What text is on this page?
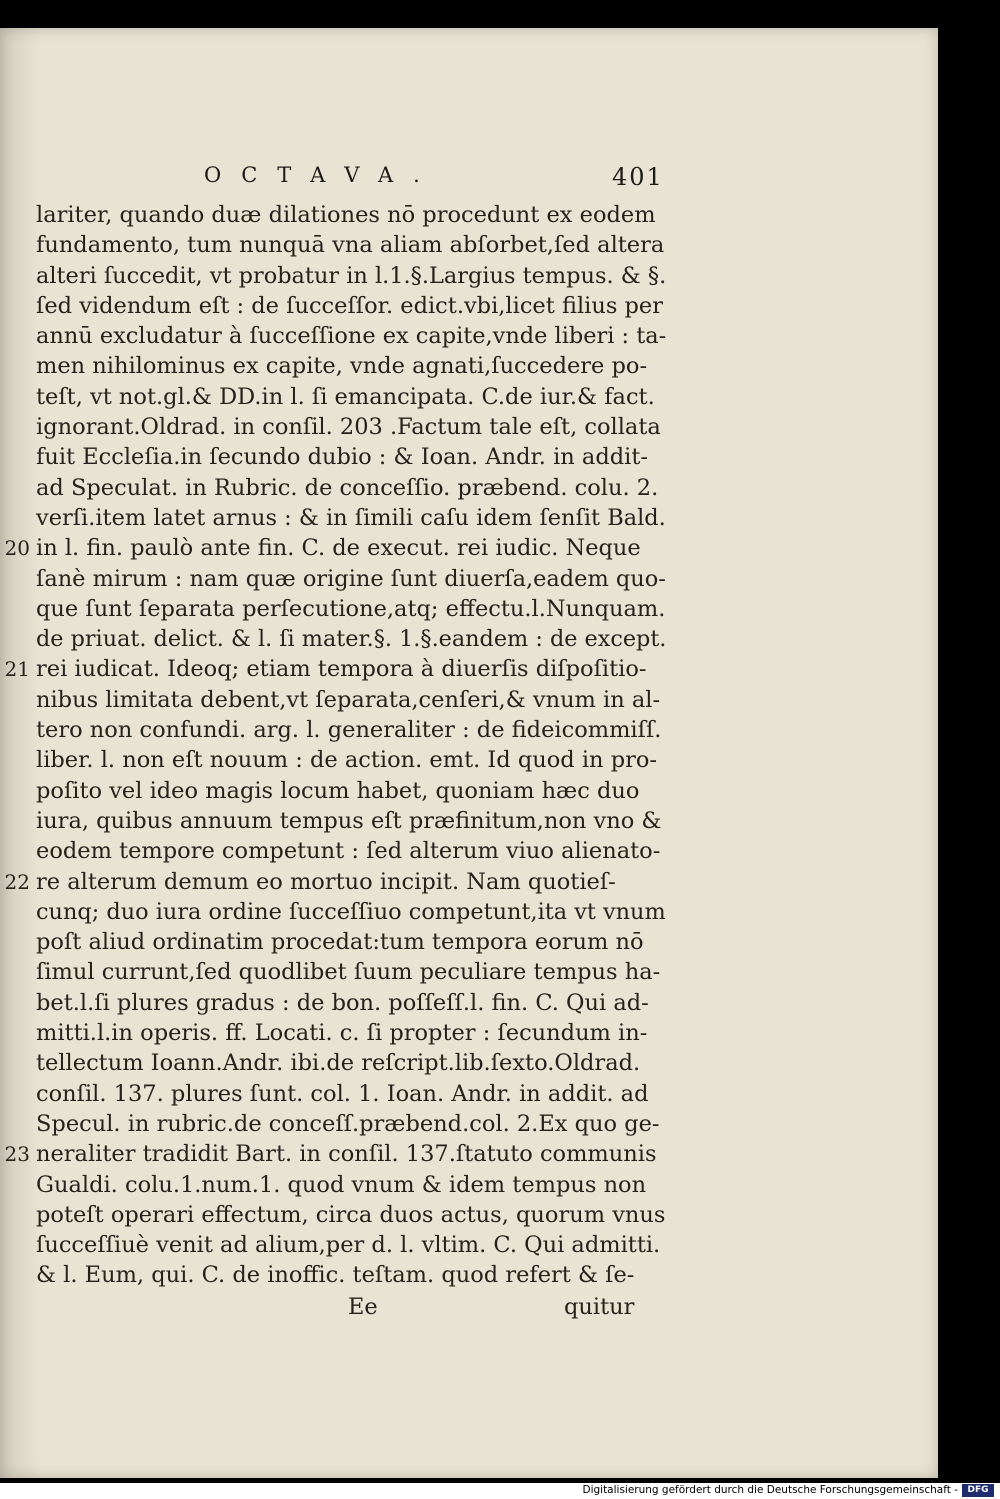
OCTAVA.	401
lariter, quando duæ dilationes nō procedunt ex eodem
fundamento, tum nunquā vna aliam abſorbet,ſed altera
alteri ſuccedit, vt probatur in l.1.§.Largius tempus. & §.
ſed videndum eſt : de ſucceſſor. edict.vbi,licet filius per
annū excludatur à ſucceſſione ex capite,vnde liberi : ta-
men nihilominus ex capite, vnde agnati,ſuccedere po-
teſt, vt not.gl.& DD.in l. ſi emancipata. C.de iur.& fact.
ignorant.Oldrad. in conſil. 203 .Factum tale eſt, collata
fuit Eccleſia.in ſecundo dubio : & Ioan. Andr. in addit-
ad Speculat. in Rubric. de conceſſio. præbend. colu. 2.
verſi.item latet arnus : & in ſimili caſu idem ſenſit Bald.
20 in l. fin. paulò ante fin. C. de execut. rei iudic. Neque
ſanè mirum : nam quæ origine ſunt diuerſa,eadem quo-
que ſunt ſeparata perſecutione,atq; effectu.l.Nunquam.
de priuat. delict. & l. ſi mater.§. 1.§.eandem : de except.
21 rei iudicat. Ideoq; etiam tempora à diuerſis diſpoſitio-
nibus limitata debent,vt ſeparata,cenſeri,& vnum in al-
tero non confundi. arg. l. generaliter : de fideicommiſſ.
liber. l. non eſt nouum : de action. emt. Id quod in pro-
poſito vel ideo magis locum habet, quoniam hæc duo
iura, quibus annuum tempus eſt præfinitum,non vno &
eodem tempore competunt : ſed alterum viuo alienato-
22 re alterum demum eo mortuo incipit. Nam quotieſ-
cunq; duo iura ordine ſucceſſiuo competunt,ita vt vnum
poſt aliud ordinatim procedat:tum tempora eorum nō
ſimul currunt,ſed quodlibet ſuum peculiare tempus ha-
bet.l.ſi plures gradus : de bon. poſſeſſ.l. fin. C. Qui ad-
mitti.l.in operis. ff. Locati. c. ſi propter : ſecundum in-
tellectum Ioann.Andr. ibi.de reſcript.lib.ſexto.Oldrad.
conſil. 137. plures ſunt. col. 1. Ioan. Andr. in addit. ad
Specul. in rubric.de conceſſ.præbend.col. 2.Ex quo ge-
23 neraliter tradidit Bart. in conſil. 137.ſtatuto communis
Gualdi. colu.1.num.1. quod vnum & idem tempus non
poteſt operari effectum, circa duos actus, quorum vnus
ſucceſſiuè venit ad alium,per d. l. vltim. C. Qui admitti.
& l. Eum, qui. C. de inoffic. teſtam. quod refert & ſe-
Ee	quitur
Digitalisierung gefördert durch die Deutsche Forschungsgemeinschaft -	DFG
